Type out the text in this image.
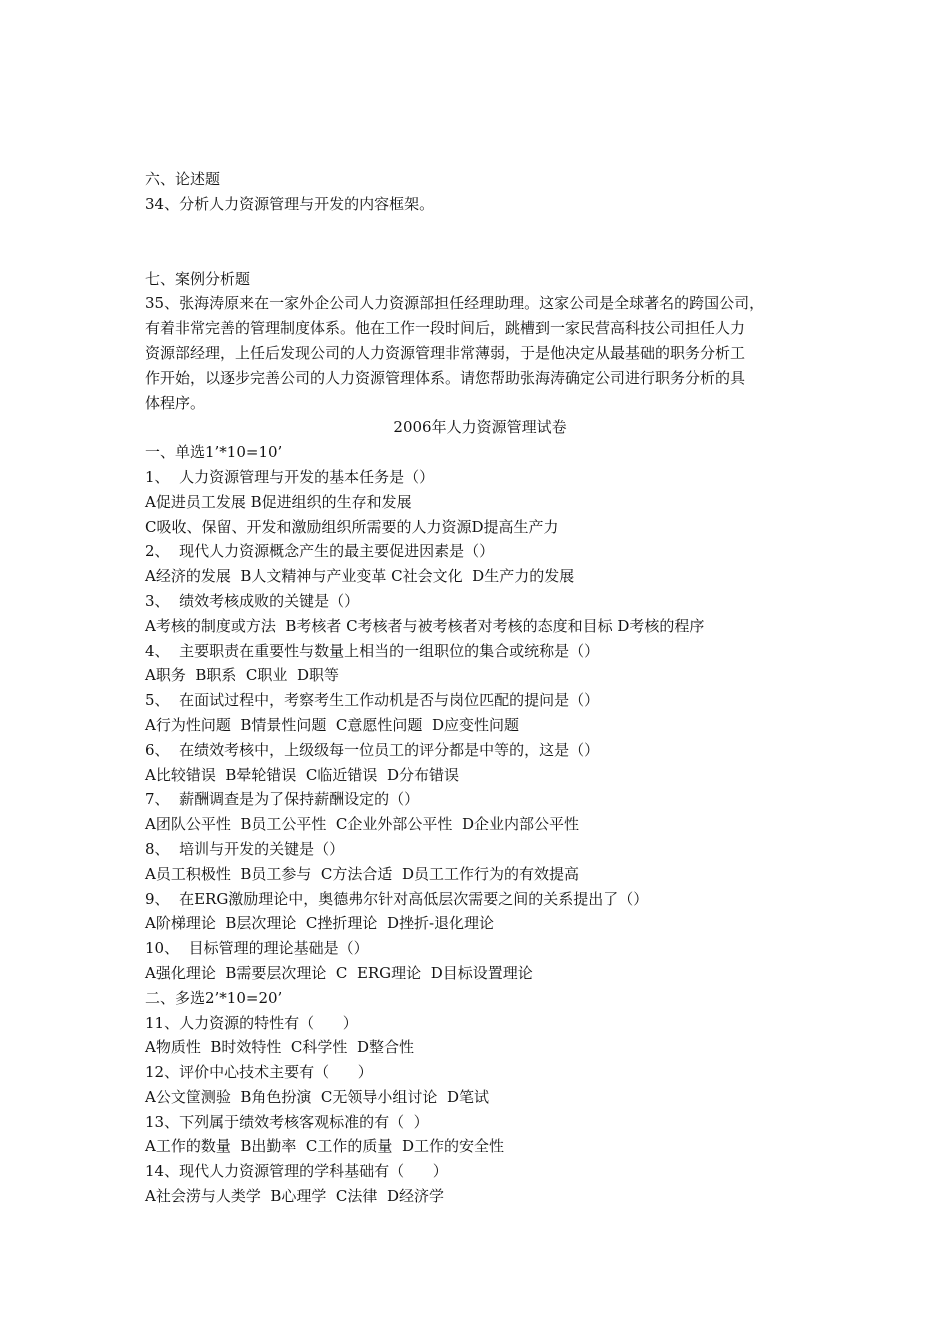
六、论述题
34、分析人力资源管理与开发的内容框架。
七、案例分析题
35、张海涛原来在一家外企公司人力资源部担任经理助理。这家公司是全球著名的跨国公司，
有着非常完善的管理制度体系。他在工作一段时间后，跳槽到一家民营高科技公司担任人力
资源部经理，上任后发现公司的人力资源管理非常薄弱，于是他决定从最基础的职务分析工
作开始，以逐步完善公司的人力资源管理体系。请您帮助张海涛确定公司进行职务分析的具
体程序。
2006年人力资源管理试卷
一、单选1’*10=10’
1、  人力资源管理与开发的基本任务是（）
A促进员工发展 B促进组织的生存和发展
C吸收、保留、开发和激励组织所需要的人力资源D提高生产力
2、  现代人力资源概念产生的最主要促进因素是（）
A经济的发展  B人文精神与产业变革 C社会文化  D生产力的发展
3、  绩效考核成败的关键是（）
A考核的制度或方法  B考核者 C考核者与被考核者对考核的态度和目标 D考核的程序
4、  主要职责在重要性与数量上相当的一组职位的集合或统称是（）
A职务  B职系  C职业  D职等
5、  在面试过程中，考察考生工作动机是否与岗位匹配的提问是（）
A行为性问题  B情景性问题  C意愿性问题  D应变性问题
6、  在绩效考核中，上级级每一位员工的评分都是中等的，这是（）
A比较错误  B晕轮错误  C临近错误  D分布错误
7、  薪酬调查是为了保持薪酬设定的（）
A团队公平性  B员工公平性  C企业外部公平性  D企业内部公平性
8、  培训与开发的关键是（）
A员工积极性  B员工参与  C方法合适  D员工工作行为的有效提高
9、  在ERG激励理论中，奥德弗尔针对高低层次需要之间的关系提出了（）
A阶梯理论  B层次理论  C挫折理论  D挫折-退化理论
10、  目标管理的理论基础是（）
A强化理论  B需要层次理论  C  ERG理论  D目标设置理论
二、多选2’*10=20’
11、人力资源的特性有（      ）
A物质性  B时效特性  C科学性  D整合性
12、评价中心技术主要有（      ）
A公文筐测验  B角色扮演  C无领导小组讨论  D笔试
13、下列属于绩效考核客观标准的有（  ）
A工作的数量  B出勤率  C工作的质量  D工作的安全性
14、现代人力资源管理的学科基础有（      ）
A社会涝与人类学  B心理学  C法律  D经济学
